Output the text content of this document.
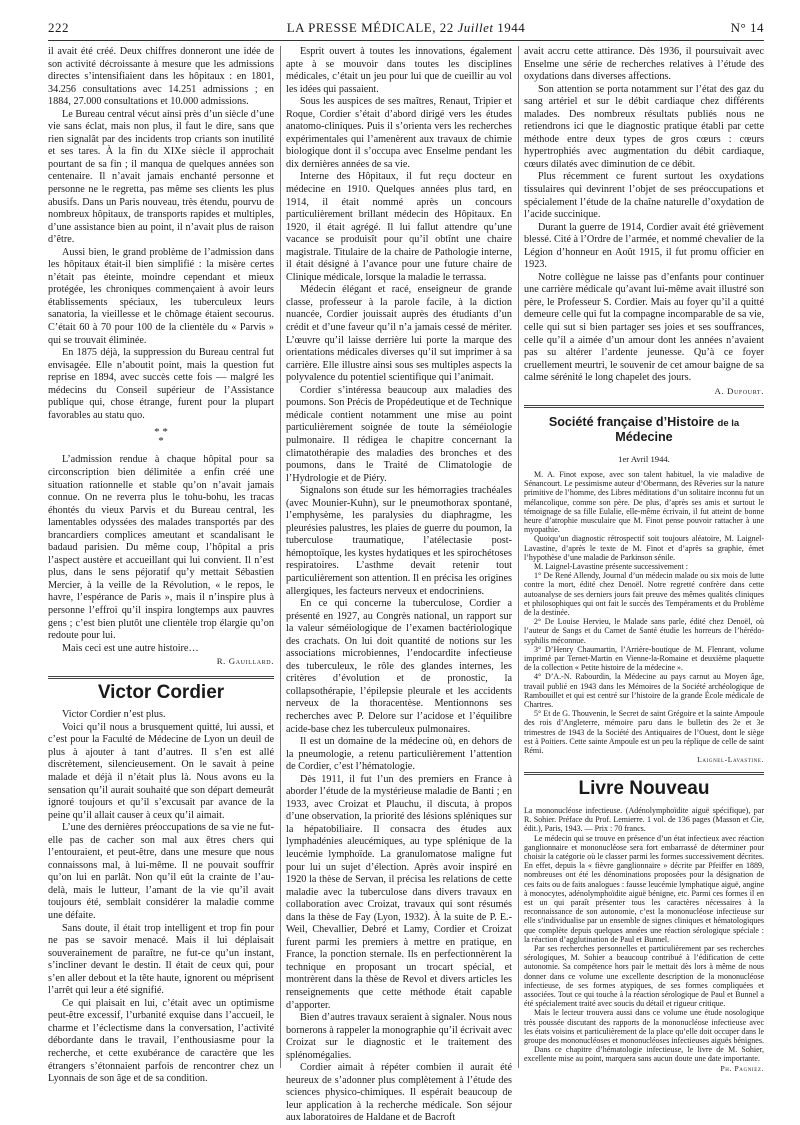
222	LA PRESSE MÉDICALE, 22 Juillet 1944	N° 14

il avait été créé. Deux chiffres donneront une idée de son activité décroissante à mesure que les admissions directes s’intensifiaient dans les hôpitaux : en 1801, 34.256 consultations avec 14.251 admissions ; en 1884, 27.000 consultations et 10.000 admissions.

Le Bureau central vécut ainsi près d’un siècle d’une vie sans éclat, mais non plus, il faut le dire, sans que rien signalât par des incidents trop criants son inutilité et ses tares. À la fin du XIXe siècle il approchait pourtant de sa fin ; il manqua de quelques années son centenaire. Il n’avait jamais enchanté personne et personne ne le regretta, pas même ses clients les plus abusifs. Dans un Paris nouveau, très étendu, pourvu de nombreux hôpitaux, de transports rapides et multiples, d’une assistance bien au point, il n’avait plus de raison d’être.

Aussi bien, le grand problème de l’admission dans les hôpitaux était-il bien simplifié : la misère certes n’était pas éteinte, moindre cependant et mieux protégée, les chroniques commençaient à avoir leurs établissements spéciaux, les tuberculeux leurs sanatoria, la vieillesse et le chômage étaient secourus. C’était 60 à 70 pour 100 de la clientèle du « Parvis » qui se trouvait éliminée.

En 1875 déjà, la suppression du Bureau central fut envisagée. Elle n’aboutit point, mais la question fut reprise en 1894, avec succès cette fois — malgré les médecins du Conseil supérieur de l’Assistance publique qui, chose étrange, furent pour la plupart favorables au statu quo.

* *
*

L’admission rendue à chaque hôpital pour sa circonscription bien délimitée a enfin créé une situation rationnelle et stable qu’on n’avait jamais connue. On ne reverra plus le tohu-bohu, les tracas éhontés du vieux Parvis et du Bureau central, les lamentables odyssées des malades transportés par des brancardiers complices ameutant et scandalisant le badaud parisien. Du même coup, l’hôpital a pris l’aspect austère et accueillant qui lui convient. Il n’est plus, dans le sens péjoratif qu’y mettait Sébastien Mercier, à la veille de la Révolution, « le repos, le havre, l’espérance de Paris », mais il n’inspire plus à personne l’effroi qu’il inspira longtemps aux pauvres gens ; c’est bien plutôt une clientèle trop élargie qu’on redoute pour lui.

Mais ceci est une autre histoire…

R. Gauillard.

Victor Cordier

Victor Cordier n’est plus.

Voici qu’il nous a brusquement quitté, lui aussi, et c’est pour la Faculté de Médecine de Lyon un deuil de plus à ajouter à tant d’autres. Il s’en est allé discrètement, silencieusement. On le savait à peine malade et déjà il n’était plus là. Nous avons eu la sensation qu’il aurait souhaité que son départ demeurât ignoré toujours et qu’il s’excusait par avance de la peine qu’il allait causer à ceux qu’il aimait.

L’une des dernières préoccupations de sa vie ne fut-elle pas de cacher son mal aux êtres chers qui l’entouraient, et peut-être, dans une mesure que nous connaissons mal, à lui-même. Il ne pouvait souffrir qu’on lui en parlât. Non qu’il eût la crainte de l’au-delà, mais le lutteur, l’amant de la vie qu’il avait toujours été, semblait considérer la maladie comme une défaite.

Sans doute, il était trop intelligent et trop fin pour ne pas se savoir menacé. Mais il lui déplaisait souverainement de paraître, ne fut-ce qu’un instant, s’incliner devant le destin. Il était de ceux qui, pour s’en aller debout et la tête haute, ignorent ou méprisent l’arrêt qui leur a été signifié.

Ce qui plaisait en lui, c’était avec un optimisme peut-être excessif, l’urbanité exquise dans l’accueil, le charme et l’éclectisme dans la conversation, l’activité débordante dans le travail, l’enthousiasme pour la recherche, et cette exubérance de caractère que les étrangers s’étonnaient parfois de rencontrer chez un Lyonnais de son âge et de sa condition.

Esprit ouvert à toutes les innovations, également apte à se mouvoir dans toutes les disciplines médicales, c’était un jeu pour lui que de cueillir au vol les idées qui passaient.

Sous les auspices de ses maîtres, Renaut, Tripier et Roque, Cordier s’était d’abord dirigé vers les études anatomo-cliniques. Puis il s’orienta vers les recherches expérimentales qui l’amenèrent aux travaux de chimie biologique dont il s’occupa avec Enselme pendant les dix dernières années de sa vie.

Interne des Hôpitaux, il fut reçu docteur en médecine en 1910. Quelques années plus tard, en 1914, il était nommé après un concours particulièrement brillant médecin des Hôpitaux. En 1920, il était agrégé. Il lui fallut attendre qu’une vacance se produisît pour qu’il obtînt une chaire magistrale. Titulaire de la chaire de Pathologie interne, il était désigné à l’avance pour une future chaire de Clinique médicale, lorsque la maladie le terrassa.

Médecin élégant et racé, enseigneur de grande classe, professeur à la parole facile, à la diction nuancée, Cordier jouissait auprès des étudiants d’un crédit et d’une faveur qu’il n’a jamais cessé de mériter. L’œuvre qu’il laisse derrière lui porte la marque des orientations médicales diverses qu’il sut imprimer à sa carrière. Elle illustre ainsi sous ses multiples aspects la polyvalence du potentiel scientifique qui l’animait.

Cordier s’intéressa beaucoup aux maladies des poumons. Son Précis de Propédeutique et de Technique médicale contient notamment une mise au point particulièrement soignée de toute la séméiologie pulmonaire. Il rédigea le chapitre concernant la climatothérapie des maladies des bronches et des poumons, dans le Traité de Climatologie de l’Hydrologie et de Piéry.

Signalons son étude sur les hémorragies trachéales (avec Mounier-Kuhn), sur le pneumothorax spontané, l’emphysème, les paralysies du diaphragme, les pleurésies palustres, les plaies de guerre du poumon, la tuberculose traumatique, l’atélectasie post-hémoptoïque, les kystes hydatiques et les spirochétoses respiratoires. L’asthme devait retenir tout particulièrement son attention. Il en précisa les origines allergiques, les facteurs nerveux et endocriniens.

En ce qui concerne la tuberculose, Cordier a présenté en 1927, au Congrès national, un rapport sur la valeur séméiologique de l’examen bactériologique des crachats. On lui doit quantité de notions sur les associations microbiennes, l’endocardite infectieuse des tuberculeux, le rôle des glandes internes, les critères d’évolution et de pronostic, la collapsothérapie, l’épilepsie pleurale et les accidents nerveux de la thoracentèse. Mentionnons ses recherches avec P. Delore sur l’acidose et l’équilibre acide-base chez les tuberculeux pulmonaires.

Il est un domaine de la médecine où, en dehors de la pneumologie, a retenu particulièrement l’attention de Cordier, c’est l’hématologie.

Dès 1911, il fut l’un des premiers en France à aborder l’étude de la mystérieuse maladie de Banti ; en 1933, avec Croizat et Plauchu, il discuta, à propos d’une observation, la priorité des lésions spléniques sur la hépatobiliaire. Il consacra des études aux lymphadénies aleucémiques, au type splénique de la leucémie lymphoïde. La granulomatose maligne fut pour lui un sujet d’élection. Après avoir inspiré en 1920 la thèse de Servan, il précisa les relations de cette maladie avec la tuberculose dans divers travaux en collaboration avec Croizat, travaux qui sont résumés dans la thèse de Fay (Lyon, 1932). À la suite de P. E.-Weil, Chevallier, Debré et Lamy, Cordier et Croizat furent parmi les premiers à mettre en pratique, en France, la ponction sternale. Ils en perfectionnèrent la technique en proposant un trocart spécial, et montrèrent dans la thèse de Revol et divers articles les renseignements que cette méthode était capable d’apporter.

Bien d’autres travaux seraient à signaler. Nous nous bornerons à rappeler la monographie qu’il écrivait avec Croizat sur le diagnostic et le traitement des splénomégalies.

Cordier aimait à répéter combien il aurait été heureux de s’adonner plus complètement à l’étude des sciences physico-chimiques. Il espérait beaucoup de leur application à la recherche médicale. Son séjour aux laboratoires de Haldane et de Bacroft

avait accru cette attirance. Dès 1936, il poursuivait avec Enselme une série de recherches relatives à l’étude des oxydations dans diverses affections.

Son attention se porta notamment sur l’état des gaz du sang artériel et sur le débit cardiaque chez différents malades. Des nombreux résultats publiés nous ne retiendrons ici que le diagnostic pratique établi par cette méthode entre deux types de gros cœurs : cœurs hypertrophiés avec augmentation du débit cardiaque, cœurs dilatés avec diminution de ce débit.

Plus récemment ce furent surtout les oxydations tissulaires qui devinrent l’objet de ses préoccupations et spécialement l’étude de la chaîne naturelle d’oxydation de l’acide succinique.

Durant la guerre de 1914, Cordier avait été grièvement blessé. Cité à l’Ordre de l’armée, et nommé chevalier de la Légion d’honneur en Août 1915, il fut promu officier en 1923.

Notre collègue ne laisse pas d’enfants pour continuer une carrière médicale qu’avant lui-même avait illustré son père, le Professeur S. Cordier. Mais au foyer qu’il a quitté demeure celle qui fut la compagne incomparable de sa vie, celle qui sut si bien partager ses joies et ses souffrances, celle qu’il a aimée d’un amour dont les années n’avaient pas su altérer l’ardente jeunesse. Qu’à ce foyer cruellement meurtri, le souvenir de cet amour baigne de sa calme sérénité le long chapelet des jours.

A. Dufourt.

Société française d’Histoire de la Médecine
1er Avril 1944.

M. A. Finot expose, avec son talent habituel, la vie maladive de Sénancourt. Le pessimisme auteur d’Obermann, des Rêveries sur la nature primitive de l’homme, des Libres méditations d’un solitaire inconnu fut un mélancolique, comme son père. De plus, d’après ses amis et surtout le témoignage de sa fille Eulalie, elle-même écrivain, il fut atteint de bonne heure d’atrophie musculaire que M. Finot pense pouvoir rattacher à une myopathie.

Quoiqu’un diagnostic rétrospectif soit toujours aléatoire, M. Laignel-Lavastine, d’après le texte de M. Finot et d’après sa graphie, émet l’hypothèse d’une maladie de Parkinson sénile.

M. Laignel-Lavastine présente successivement :

1° De René Allendy, Journal d’un médecin malade ou six mois de lutte contre la mort, édité chez Denoël. Notre regretté confrère dans cette autoanalyse de ses derniers jours fait preuve des mêmes qualités cliniques et philosophiques qui ont fait le succès des Tempéraments et du Problème de la destinée.

2° De Louise Hervieu, le Malade sans parle, édité chez Denoël, où l’auteur de Sangs et du Carnet de Santé étudie les horreurs de l’hérédo-syphilis méconnue.

3° D’Henry Chaumartin, l’Arrière-boutique de M. Flenrant, volume imprimé par Ternet-Martin en Vienne-la-Romaine et deuxième plaquette de la collection « Petite histoire de la médecine ».

4° D’A.-N. Rabourdin, la Médecine au pays carnut au Moyen âge, travail publié en 1943 dans les Mémoires de la Société archéologique de Rambouillet et qui est centré sur l’histoire de la grande École médicale de Chartres.

5° Et de G. Thouvenin, le Secret de saint Grégoire et la sainte Ampoule des rois d’Angleterre, mémoire paru dans le bulletin des 2e et 3e trimestres de 1943 de la Société des Antiquaires de l’Ouest, dont le siège est à Poitiers. Cette sainte Ampoule est un peu la réplique de celle de saint Rémi.

Laignel-Lavastine.

Livre Nouveau

La mononucléose infectieuse. (Adénolymphoïdite aiguë spécifique), par R. Sohier. Préface du Prof. Lemierre. 1 vol. de 136 pages (Masson et Cie, édit.), Paris, 1943. — Prix : 70 francs.

Le médecin qui se trouve en présence d’un état infectieux avec réaction ganglionnaire et mononucléose sera fort embarrassé de déterminer pour choisir la catégorie où le classer parmi les formes successivement décrites. En effet, depuis la « fièvre ganglionnaire » décrite par Pfeiffer en 1889, nombreuses ont été les dénominations proposées pour la désignation de ces faits ou de faits analogues : fausse leucémie lymphatique aiguë, angine à monocytes, adénolymphoïdite aiguë bénigne, etc. Parmi ces formes il en est un qui paraît présenter tous les caractères nécessaires à la reconnaissance de son autonomie, c’est la mononucléose infectieuse sur elle s’individualise par un ensemble de signes cliniques et hématologiques que complète depuis quelques années une réaction sérologique spéciale : la réaction d’agglutination de Paul et Bunnel.

Par ses recherches personnelles et particulièrement par ses recherches sérologiques, M. Sohier a beaucoup contribué à l’édification de cette autonomie. Sa compétence hors pair le mettait dès lors à même de nous donner dans ce volume une excellente description de la mononucléose infectieuse, de ses formes atypiques, de ses formes compliquées et associées. Tout ce qui touche à la réaction sérologique de Paul et Bunnel a été spécialement traité avec soucis du détail et rigueur critique.

Mais le lecteur trouvera aussi dans ce volume une étude nosologique très poussée discutant des rapports de la mononucléose infectieuse avec les états voisins et particulièrement de la place qu’elle doit occuper dans le groupe des mononucléoses et mononucléoses infectieuses aiguës bénignes.

Dans ce chapitre d’hématologie infectieuse, le livre de M. Sohier, excellente mise au point, marquera sans aucun doute une date importante.

Ph. Pagniez.
